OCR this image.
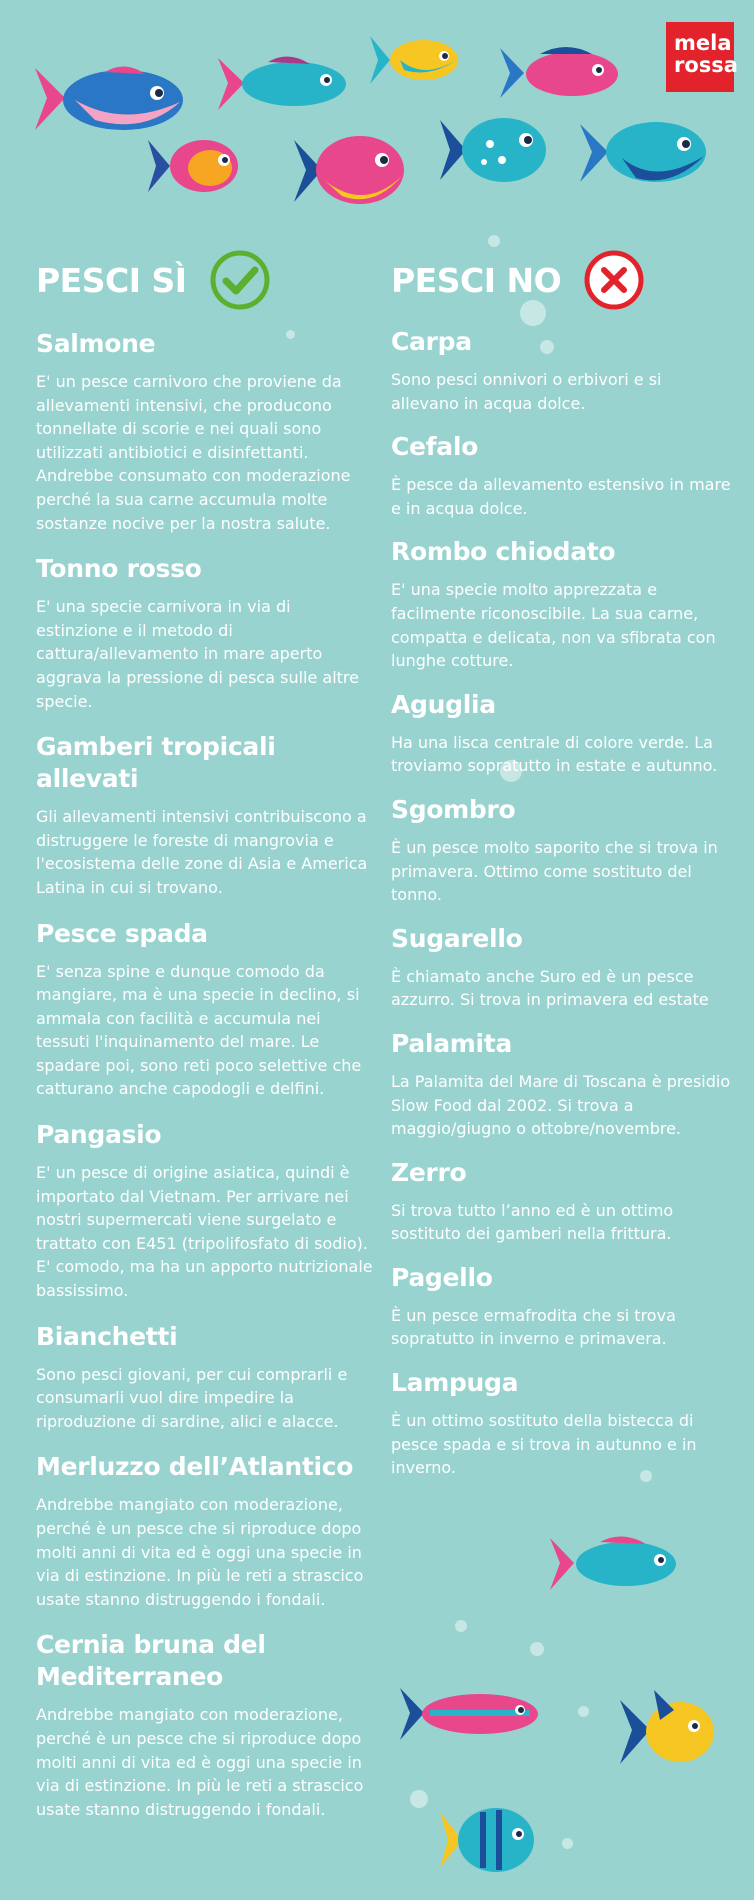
mela
rossa
PESCI SÌ
Salmone

E' un pesce carnivoro che proviene da allevamenti intensivi, che producono tonnellate di scorie e nei quali sono utilizzati antibiotici e disinfettanti. Andrebbe consumato con moderazione perché la sua carne accumula molte sostanze nocive per la nostra salute.

Tonno rosso

E' una specie carnivora in via di estinzione e il metodo di cattura/allevamento in mare aperto aggrava la pressione di pesca sulle altre specie.

Gamberi tropicali allevati

Gli allevamenti intensivi contribuiscono a distruggere le foreste di mangrovia e l'ecosistema delle zone di Asia e America Latina in cui si trovano.

Pesce spada

E' senza spine e dunque comodo da mangiare, ma è una specie in declino, si ammala con facilità e accumula nei tessuti l'inquinamento del mare. Le spadare poi, sono reti poco selettive che catturano anche capodogli e delfini.

Pangasio

E' un pesce di origine asiatica, quindi è importato dal Vietnam. Per arrivare nei nostri supermercati viene surgelato e trattato con E451 (tripolifosfato di sodio). E' comodo, ma ha un apporto nutrizionale bassissimo.

Bianchetti

Sono pesci giovani, per cui comprarli e consumarli vuol dire impedire la riproduzione di sardine, alici e alacce.

Merluzzo dell’Atlantico

Andrebbe mangiato con moderazione, perché è un pesce che si riproduce dopo molti anni di vita ed è oggi una specie in via di estinzione. In più le reti a strascico usate stanno distruggendo i fondali.

Cernia bruna del Mediterraneo

Andrebbe mangiato con moderazione, perché è un pesce che si riproduce dopo molti anni di vita ed è oggi una specie in via di estinzione. In più le reti a strascico usate stanno distruggendo i fondali.

PESCI NO
Carpa

Sono pesci onnivori o erbivori e si allevano in acqua dolce.

Cefalo

È pesce da allevamento estensivo in mare e in acqua dolce.

Rombo chiodato

E' una specie molto apprezzata e facilmente riconoscibile. La sua carne, compatta e delicata, non va sfibrata con lunghe cotture.

Aguglia

Ha una lisca centrale di colore verde. La troviamo sopratutto in estate e autunno.

Sgombro

È un pesce molto saporito che si trova in primavera. Ottimo come sostituto del tonno.

Sugarello

È chiamato anche Suro ed è un pesce azzurro. Si trova in primavera ed estate

Palamita

La Palamita del Mare di Toscana è presidio Slow Food dal 2002. Si trova a maggio/giugno o ottobre/novembre.

Zerro

Si trova tutto l’anno ed è un ottimo sostituto dei gamberi nella frittura.

Pagello

È un pesce ermafrodita che si trova sopratutto in inverno e primavera.

Lampuga

È un ottimo sostituto della bistecca di pesce spada e si trova in autunno e in inverno.
